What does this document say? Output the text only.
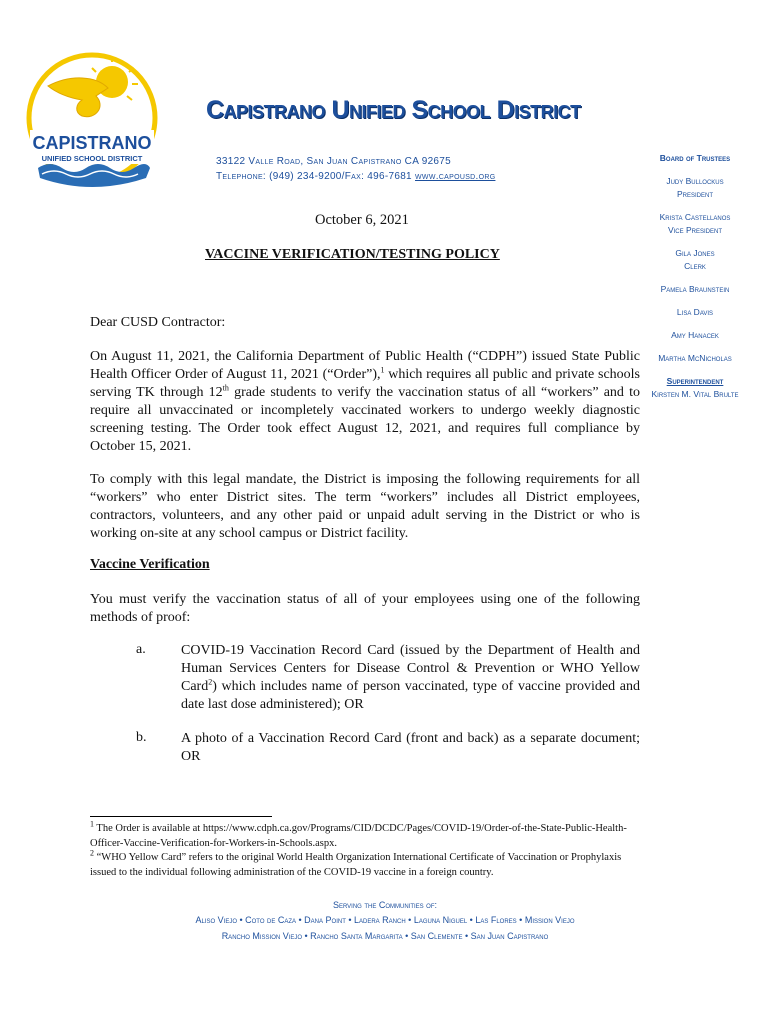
CAPISTRANO
UNIFIED SCHOOL DISTRICT
Capistrano Unified School District
33122 Valle Road, San Juan Capistrano CA 92675
Telephone: (949) 234-9200/Fax: 496-7681 www.capousd.org
Board of Trustees
Judy Bullockus
President
Krista Castellanos
Vice President
Gila Jones
Clerk
Pamela Braunstein
Lisa Davis
Amy Hanacek
Martha McNicholas
Superintendent
Kirsten M. Vital Brulte
October 6, 2021
VACCINE VERIFICATION/TESTING POLICY
Dear CUSD Contractor:
On August 11, 2021, the California Department of Public Health (“CDPH”) issued State Public Health Officer Order of August 11, 2021 (“Order”),$^1$ which requires all public and private schools serving TK through 12th grade students to verify the vaccination status of all “workers” and to require all unvaccinated or incompletely vaccinated workers to undergo weekly diagnostic screening testing. The Order took effect August 12, 2021, and requires full compliance by October 15, 2021.
To comply with this legal mandate, the District is imposing the following requirements for all “workers” who enter District sites. The term “workers” includes all District employees, contractors, volunteers, and any other paid or unpaid adult serving in the District or who is working on-site at any school campus or District facility.
Vaccine Verification
You must verify the vaccination status of all of your employees using one of the following methods of proof:
a.	COVID-19 Vaccination Record Card (issued by the Department of Health and Human Services Centers for Disease Control & Prevention or WHO Yellow Card$^2$) which includes name of person vaccinated, type of vaccine provided and date last dose administered); OR
b. A photo of a Vaccination Record Card (front and back) as a separate document; OR
$^1$ The Order is available at https://www.cdph.ca.gov/Programs/CID/DCDC/Pages/COVID-19/Order-of-the-State-Public-Health-Officer-Vaccine-Verification-for-Workers-in-Schools.aspx.
$^2$ “WHO Yellow Card” refers to the original World Health Organization International Certificate of Vaccination or Prophylaxis issued to the individual following administration of the COVID-19 vaccine in a foreign country.
Serving the Communities of:
Aliso Viejo • Coto de Caza • Dana Point • Ladera Ranch • Laguna Niguel • Las Flores • Mission Viejo
Rancho Mission Viejo • Rancho Santa Margarita • San Clemente • San Juan Capistrano
